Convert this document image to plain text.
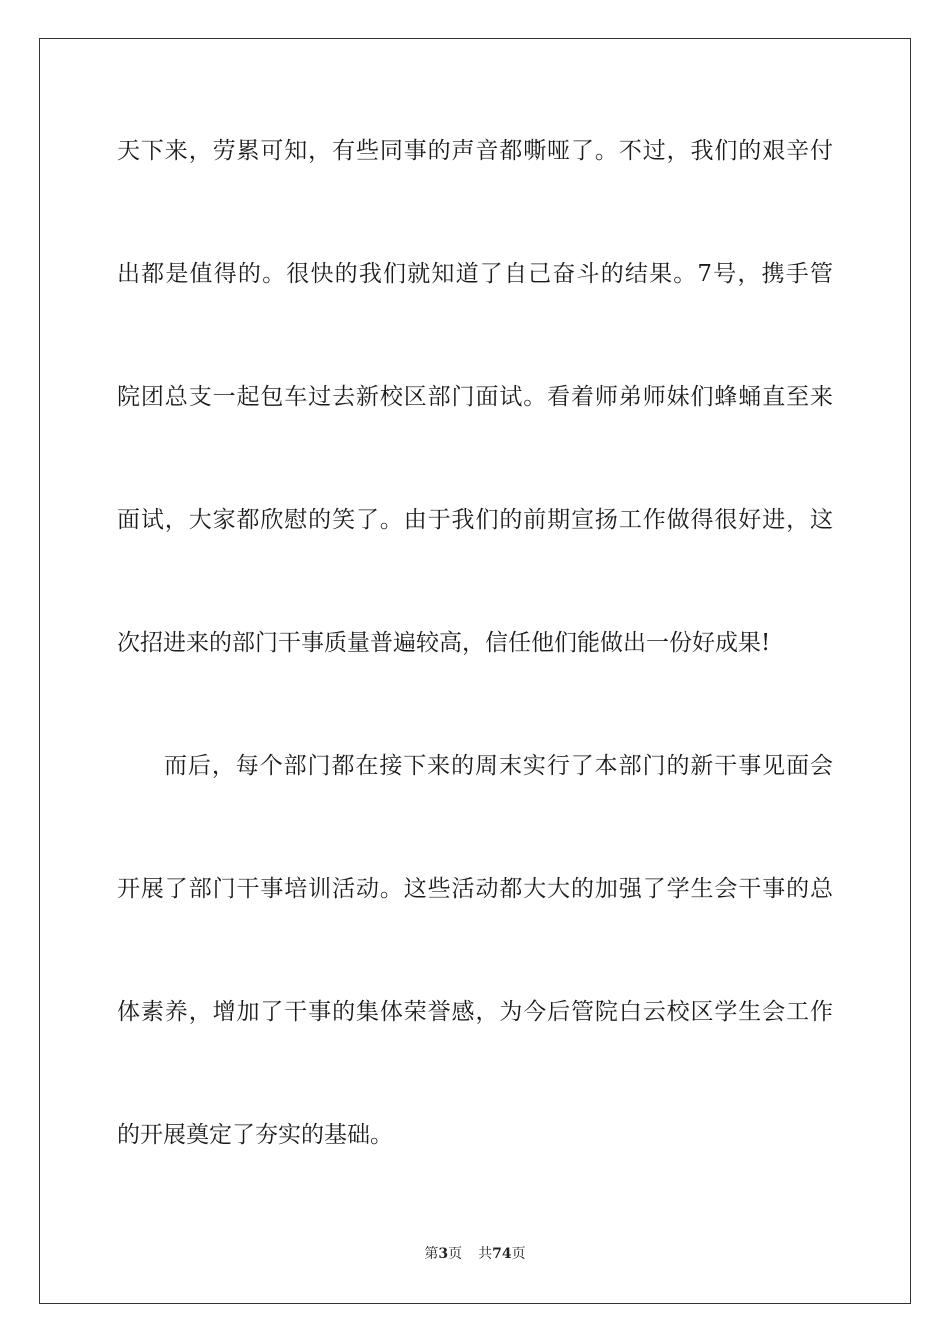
天下来，劳累可知，有些同事的声音都嘶哑了。不过，我们的艰辛付
出都是值得的。很快的我们就知道了自己奋斗的结果。7号，携手管
院团总支一起包车过去新校区部门面试。看着师弟师妹们蜂蛹直至来
面试，大家都欣慰的笑了。由于我们的前期宣扬工作做得很好进，这
次招进来的部门干事质量普遍较高，信任他们能做出一份好成果!
而后，每个部门都在接下来的周末实行了本部门的新干事见面会
开展了部门干事培训活动。这些活动都大大的加强了学生会干事的总
体素养，增加了干事的集体荣誉感，为今后管院白云校区学生会工作
的开展奠定了夯实的基础。
第3页 共74页
